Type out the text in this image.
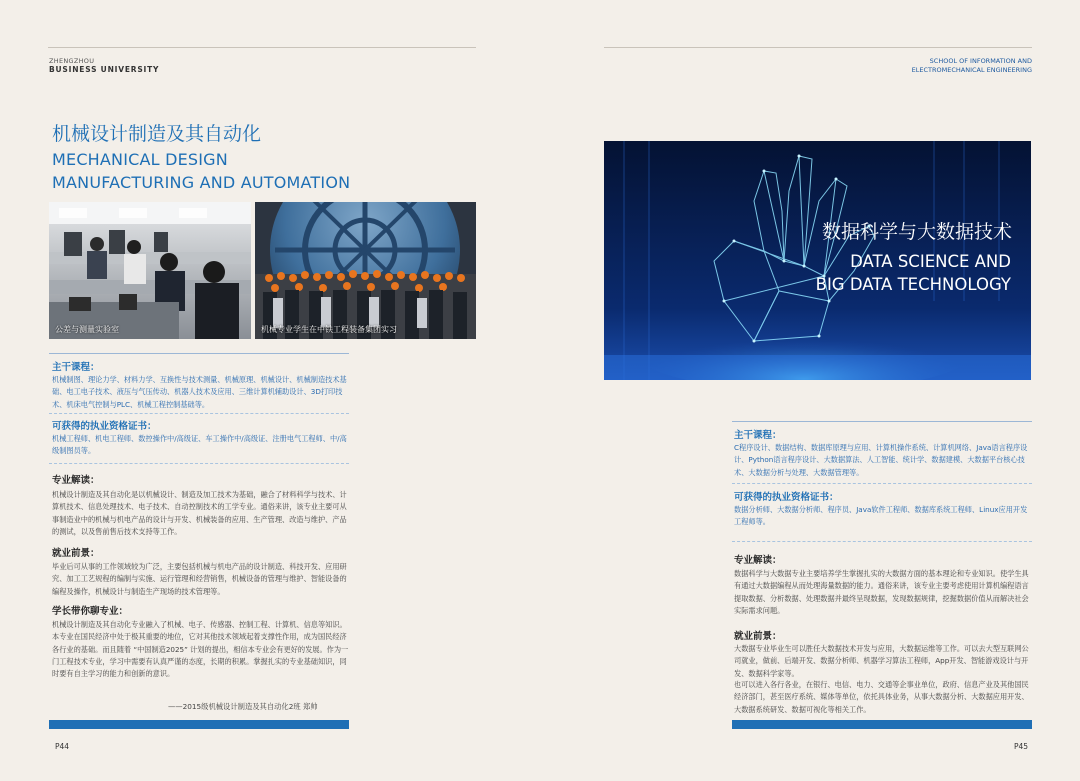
ZHENGZHOU
BUSINESS UNIVERSITY
机械设计制造及其自动化
MECHANICAL DESIGN
MANUFACTURING AND AUTOMATION
公差与测量实验室	机械专业学生在中铁工程装备集团实习
主干课程：
机械制图、理论力学、材料力学、互换性与技术测量、机械原理、机械设计、机械制造技术基础、电工电子技术、液压与气压传动、机器人技术及应用、三维计算机辅助设计、3D打印技术、机床电气控制与PLC、机械工程控制基础等。
可获得的执业资格证书：
机械工程师、机电工程师、数控操作中/高级证、车工操作中/高级证、注册电气工程师、中/高级制图员等。
专业解读：
机械设计制造及其自动化是以机械设计、制造及加工技术为基础，融合了材料科学与技术、计算机技术、信息处理技术、电子技术、自动控制技术的工学专业。通俗来讲，该专业主要可从事制造业中的机械与机电产品的设计与开发、机械装备的应用、生产管理、改造与维护、产品的测试，以及售前售后技术支持等工作。
就业前景：
毕业后可从事的工作领域较为广泛，主要包括机械与机电产品的设计制造、科技开发、应用研究、加工工艺规程的编制与实施、运行管理和经营销售，机械设备的管理与维护、智能设备的编程及操作，机械设计与制造生产现场的技术管理等。
学长带你聊专业：
机械设计制造及其自动化专业融入了机械、电子、传感器、控制工程、计算机、信息等知识。本专业在国民经济中处于极其重要的地位，它对其他技术领域起着支撑性作用，成为国民经济各行业的基础。而且随着 “中国制造2025” 计划的提出，相信本专业会有更好的发展。作为一门工程技术专业，学习中需要有认真严谨的态度，长期的积累。掌握扎实的专业基础知识，同时要有自主学习的能力和创新的意识。
——2015级机械设计制造及其自动化2班 郑帅
P44
SCHOOL OF INFORMATION AND
ELECTROMECHANICAL ENGINEERING
数据科学与大数据技术
DATA SCIENCE AND
BIG DATA TECHNOLOGY
主干课程：
C程序设计、数据结构、数据库原理与应用、计算机操作系统、计算机网络、Java语言程序设计、Python语言程序设计、大数据算法、人工智能、统计学、数据建模、大数据平台核心技术、大数据分析与处理、大数据管理等。
可获得的执业资格证书：
数据分析师、大数据分析师、程序员、Java软件工程师、数据库系统工程师、Linux应用开发工程师等。
专业解读：
数据科学与大数据专业主要培养学生掌握扎实的大数据方面的基本理论和专业知识。使学生具有通过大数据编程从而处理海量数据的能力。通俗来讲，该专业主要考虑使用计算机编程语言提取数据、分析数据、处理数据并最终呈现数据，发现数据规律，挖掘数据价值从而解决社会实际需求问题。
就业前景：
大数据专业毕业生可以胜任大数据技术开发与应用，大数据运维等工作。可以去大型互联网公司就业，做前、后端开发、数据分析师、机器学习算法工程师，App开发、智能游戏设计与开发、数据科学家等。
也可以进入各行各业，在银行、电信、电力、交通等企事业单位，政府、信息产业及其他国民经济部门，甚至医疗系统、媒体等单位，依托具体业务，从事大数据分析、大数据应用开发、大数据系统研发、数据可视化等相关工作。
P45
